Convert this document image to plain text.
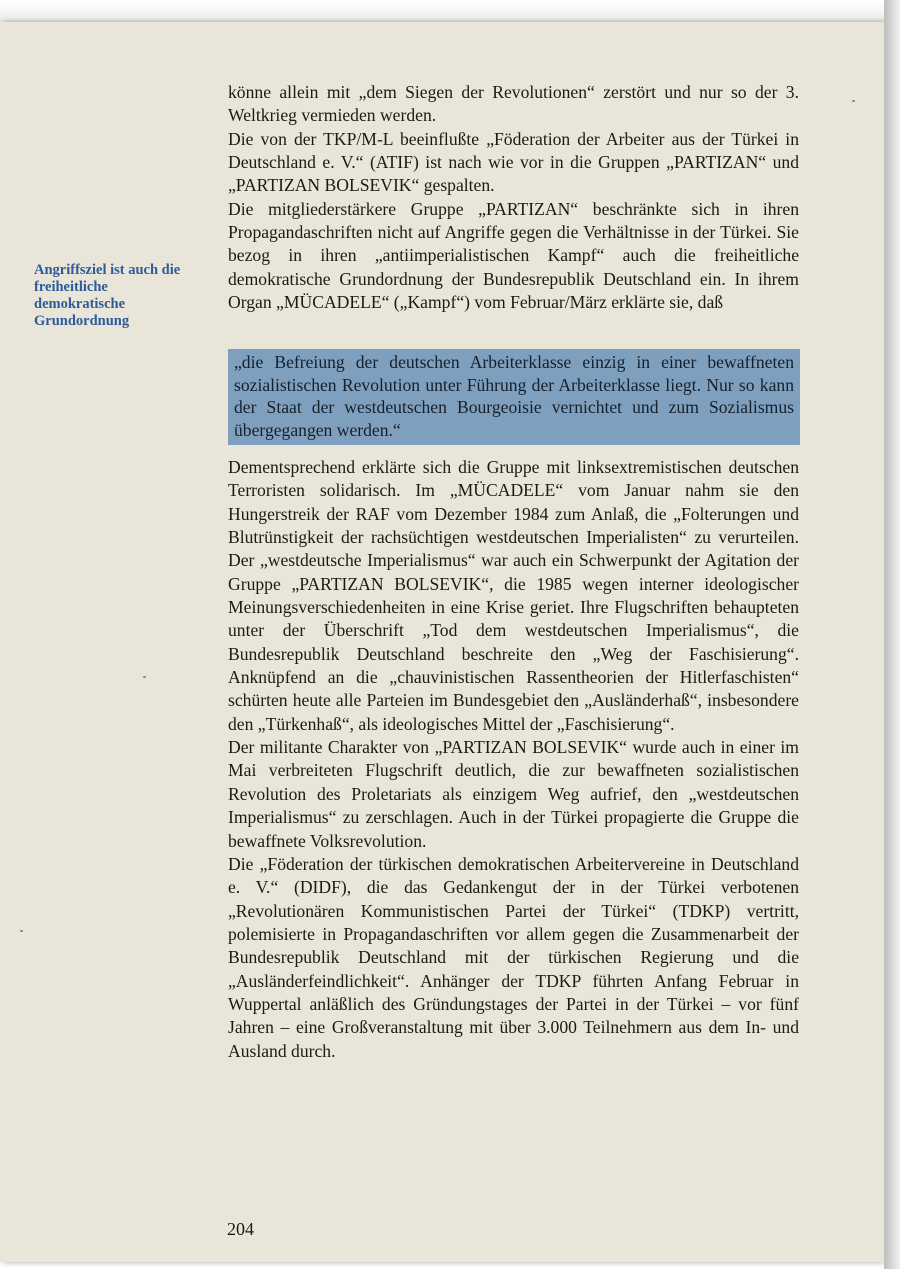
Angriffsziel ist auch die freiheitliche demokratische Grundordnung

könne allein mit „dem Siegen der Revolutionen“ zerstört und nur so der 3. Weltkrieg vermieden werden.

Die von der TKP/M-L beeinflußte „Föderation der Arbeiter aus der Türkei in Deutschland e. V.“ (ATIF) ist nach wie vor in die Gruppen „PARTIZAN“ und „PARTIZAN BOLSEVIK“ gespalten.

Die mitgliederstärkere Gruppe „PARTIZAN“ beschränkte sich in ihren Propagandaschriften nicht auf Angriffe gegen die Verhältnisse in der Türkei. Sie bezog in ihren „antiimperialistischen Kampf“ auch die freiheitliche demokratische Grundordnung der Bundesrepublik Deutschland ein. In ihrem Organ „MÜCADELE“ („Kampf“) vom Februar/März erklärte sie, daß

„die Befreiung der deutschen Arbeiterklasse einzig in einer bewaffneten sozialistischen Revolution unter Führung der Arbeiterklasse liegt. Nur so kann der Staat der westdeutschen Bourgeoisie vernichtet und zum Sozialismus übergegangen werden.“

Dementsprechend erklärte sich die Gruppe mit linksextremistischen deutschen Terroristen solidarisch. Im „MÜCADELE“ vom Januar nahm sie den Hungerstreik der RAF vom Dezember 1984 zum Anlaß, die „Folterungen und Blutrünstigkeit der rachsüchtigen westdeutschen Imperialisten“ zu verurteilen. Der „westdeutsche Imperialismus“ war auch ein Schwerpunkt der Agitation der Gruppe „PARTIZAN BOLSEVIK“, die 1985 wegen interner ideologischer Meinungsverschiedenheiten in eine Krise geriet. Ihre Flugschriften behaupteten unter der Überschrift „Tod dem westdeutschen Imperialismus“, die Bundesrepublik Deutschland beschreite den „Weg der Faschisierung“. Anknüpfend an die „chauvinistischen Rassentheorien der Hitlerfaschisten“ schürten heute alle Parteien im Bundesgebiet den „Ausländerhaß“, insbesondere den „Türkenhaß“, als ideologisches Mittel der „Faschisierung“.

Der militante Charakter von „PARTIZAN BOLSEVIK“ wurde auch in einer im Mai verbreiteten Flugschrift deutlich, die zur bewaffneten sozialistischen Revolution des Proletariats als einzigem Weg aufrief, den „westdeutschen Imperialismus“ zu zerschlagen. Auch in der Türkei propagierte die Gruppe die bewaffnete Volksrevolution.

Die „Föderation der türkischen demokratischen Arbeitervereine in Deutschland e. V.“ (DIDF), die das Gedankengut der in der Türkei verbotenen „Revolutionären Kommunistischen Partei der Türkei“ (TDKP) vertritt, polemisierte in Propagandaschriften vor allem gegen die Zusammenarbeit der Bundesrepublik Deutschland mit der türkischen Regierung und die „Ausländerfeindlichkeit“. Anhänger der TDKP führten Anfang Februar in Wuppertal anläßlich des Gründungstages der Partei in der Türkei – vor fünf Jahren – eine Großveranstaltung mit über 3.000 Teilnehmern aus dem In- und Ausland durch.

204
